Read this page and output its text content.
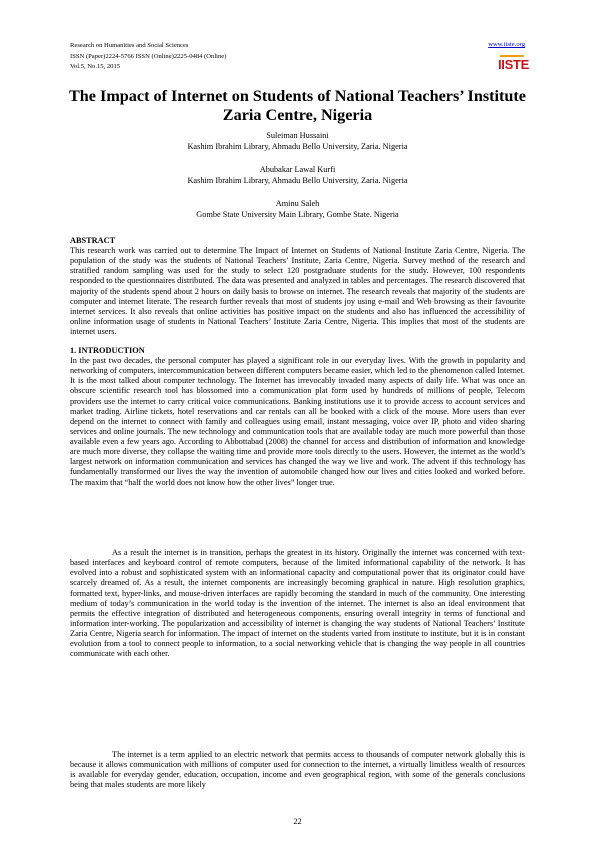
Research on Humanities and Social Sciences
ISSN (Paper)2224-5766 ISSN (Online)2225-0484 (Online)
Vol.5, No.15, 2015
www.iiste.org
IISTE
The Impact of Internet on Students of National Teachers’ Institute Zaria Centre, Nigeria
Suleiman Hussaini
Kashim Ibrahim Library, Ahmadu Bello University, Zaria. Nigeria
Abubakar Lawal Kurfi
Kashim Ibrahim Library, Ahmadu Bello University, Zaria. Nigeria
Aminu Saleh
Gombe State University Main Library, Gombe State. Nigeria
ABSTRACT

This research work was carried out to determine The Impact of Internet on Students of National Institute Zaria Centre, Nigeria. The population of the study was the students of National Teachers’ Institute, Zaria Centre, Nigeria. Survey method of the research and stratified random sampling was used for the study to select 120 postgraduate students for the study. However, 100 respondents responded to the questionnaires distributed. The data was presented and analyzed in tables and percentages. The research discovered that majority of the students spend about 2 hours on daily basis to browse on internet. The research reveals that majority of the students are computer and internet literate. The research further reveals that most of students joy using e-mail and Web browsing as their favourite internet services. It also reveals that online activities has positive impact on the students and also has influenced the accessibility of online information usage of students in National Teachers’ Institute Zaria Centre, Nigeria. This implies that most of the students are internet users.

1. INTRODUCTION

In the past two decades, the personal computer has played a significant role in our everyday lives. With the growth in popularity and networking of computers, intercommunication between different computers became easier, which led to the phenomenon called Internet. It is the most talked about computer technology. The Internet has irrevocably invaded many aspects of daily life. What was once an obscure scientific research tool has blossomed into a communication plat form used by hundreds of millions of people, Telecom providers use the internet to carry critical voice communications. Banking institutions use it to provide access to account services and market trading. Airline tickets, hotel reservations and car rentals can all be booked with a click of the mouse. More users than ever depend on the internet to connect with family and colleagues using email, instant messaging, voice over IP, photo and video sharing services and online journals. The new technology and communication tools that are available today are much more powerful than those available even a few years ago. According to Abbottabad (2008) the channel for access and distribution of information and knowledge are much more diverse, they collapse the waiting time and provide more tools directly to the users. However, the internet as the world’s largest network on information communication and services has changed the way we live and work. The advent if this technology has fundamentally transformed our lives the way the invention of automobile changed how our lives and cities looked and worked before. The maxim that “half the world does not know how the other lives” longer true.

As a result the internet is in transition, perhaps the greatest in its history. Originally the internet was concerned with text-based interfaces and keyboard control of remote computers, because of the limited informational capability of the network. It has evolved into a robust and sophisticated system with an informational capacity and computational power that its originator could have scarcely dreamed of. As a result, the internet components are increasingly becoming graphical in nature. High resolution graphics, formatted text, hyper-links, and mouse-driven interfaces are rapidly becoming the standard in much of the community. One interesting medium of today’s communication in the world today is the invention of the internet. The internet is also an ideal environment that permits the effective integration of distributed and heterogeneous components, ensuring overall integrity in terms of functional and information inter-working. The popularization and accessibility of internet is changing the way students of National Teachers’ Institute Zaria Centre, Nigeria search for information. The impact of internet on the students varied from institute to institute, but it is in constant evolution from a tool to connect people to information, to a social networking vehicle that is changing the way people in all countries communicate with each other.

The internet is a term applied to an electric network that permits access to thousands of computer network globally this is because it allows communication with millions of computer used for connection to the internet, a virtually limitless wealth of resources is available for everyday gender, education, occupation, income and even geographical region, with some of the generals conclusions being that males students are more likely

22
